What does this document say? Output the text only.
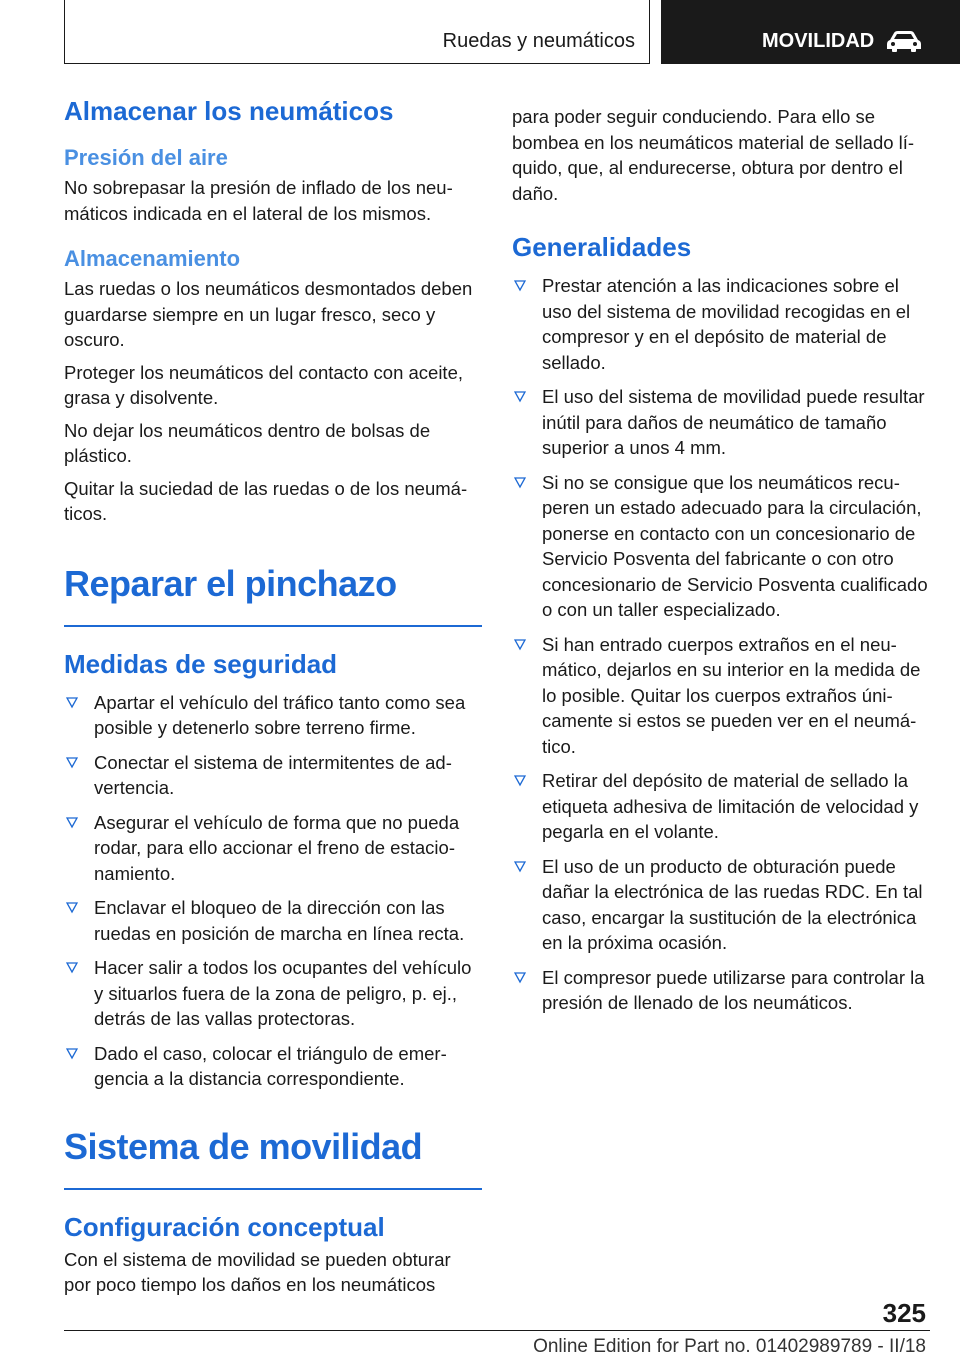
Ruedas y neumáticos	MOVILIDAD
Almacenar los neumáticos
Presión del aire

No sobrepasar la presión de inflado de los neumáticos indicada en el lateral de los mismos.

Almacenamiento

Las ruedas o los neumáticos desmontados deben guardarse siempre en un lugar fresco, seco y oscuro.

Proteger los neumáticos del contacto con aceite, grasa y disolvente.

No dejar los neumáticos dentro de bolsas de plástico.

Quitar la suciedad de las ruedas o de los neumáticos.

Reparar el pinchazo
Medidas de seguridad
Apartar el vehículo del tráfico tanto como sea posible y detenerlo sobre terreno firme.
Conectar el sistema de intermitentes de advertencia.
Asegurar el vehículo de forma que no pueda rodar, para ello accionar el freno de estacionamiento.
Enclavar el bloqueo de la dirección con las ruedas en posición de marcha en línea recta.
Hacer salir a todos los ocupantes del vehículo y situarlos fuera de la zona de peligro, p. ej., detrás de las vallas protectoras.
Dado el caso, colocar el triángulo de emergencia a la distancia correspondiente.
Sistema de movilidad
Configuración conceptual

Con el sistema de movilidad se pueden obturar por poco tiempo los daños en los neumáticos

para poder seguir conduciendo. Para ello se bombea en los neumáticos material de sellado líquido, que, al endurecerse, obtura por dentro el daño.

Generalidades
Prestar atención a las indicaciones sobre el uso del sistema de movilidad recogidas en el compresor y en el depósito de material de sellado.
El uso del sistema de movilidad puede resultar inútil para daños de neumático de tamaño superior a unos 4 mm.
Si no se consigue que los neumáticos recuperen un estado adecuado para la circulación, ponerse en contacto con un concesionario de Servicio Posventa del fabricante o con otro concesionario de Servicio Posventa cualificado o con un taller especializado.
Si han entrado cuerpos extraños en el neumático, dejarlos en su interior en la medida de lo posible. Quitar los cuerpos extraños únicamente si estos se pueden ver en el neumático.
Retirar del depósito de material de sellado la etiqueta adhesiva de limitación de velocidad y pegarla en el volante.
El uso de un producto de obturación puede dañar la electrónica de las ruedas RDC. En tal caso, encargar la sustitución de la electrónica en la próxima ocasión.
El compresor puede utilizarse para controlar la presión de llenado de los neumáticos.
325
Online Edition for Part no. 01402989789 - II/18
